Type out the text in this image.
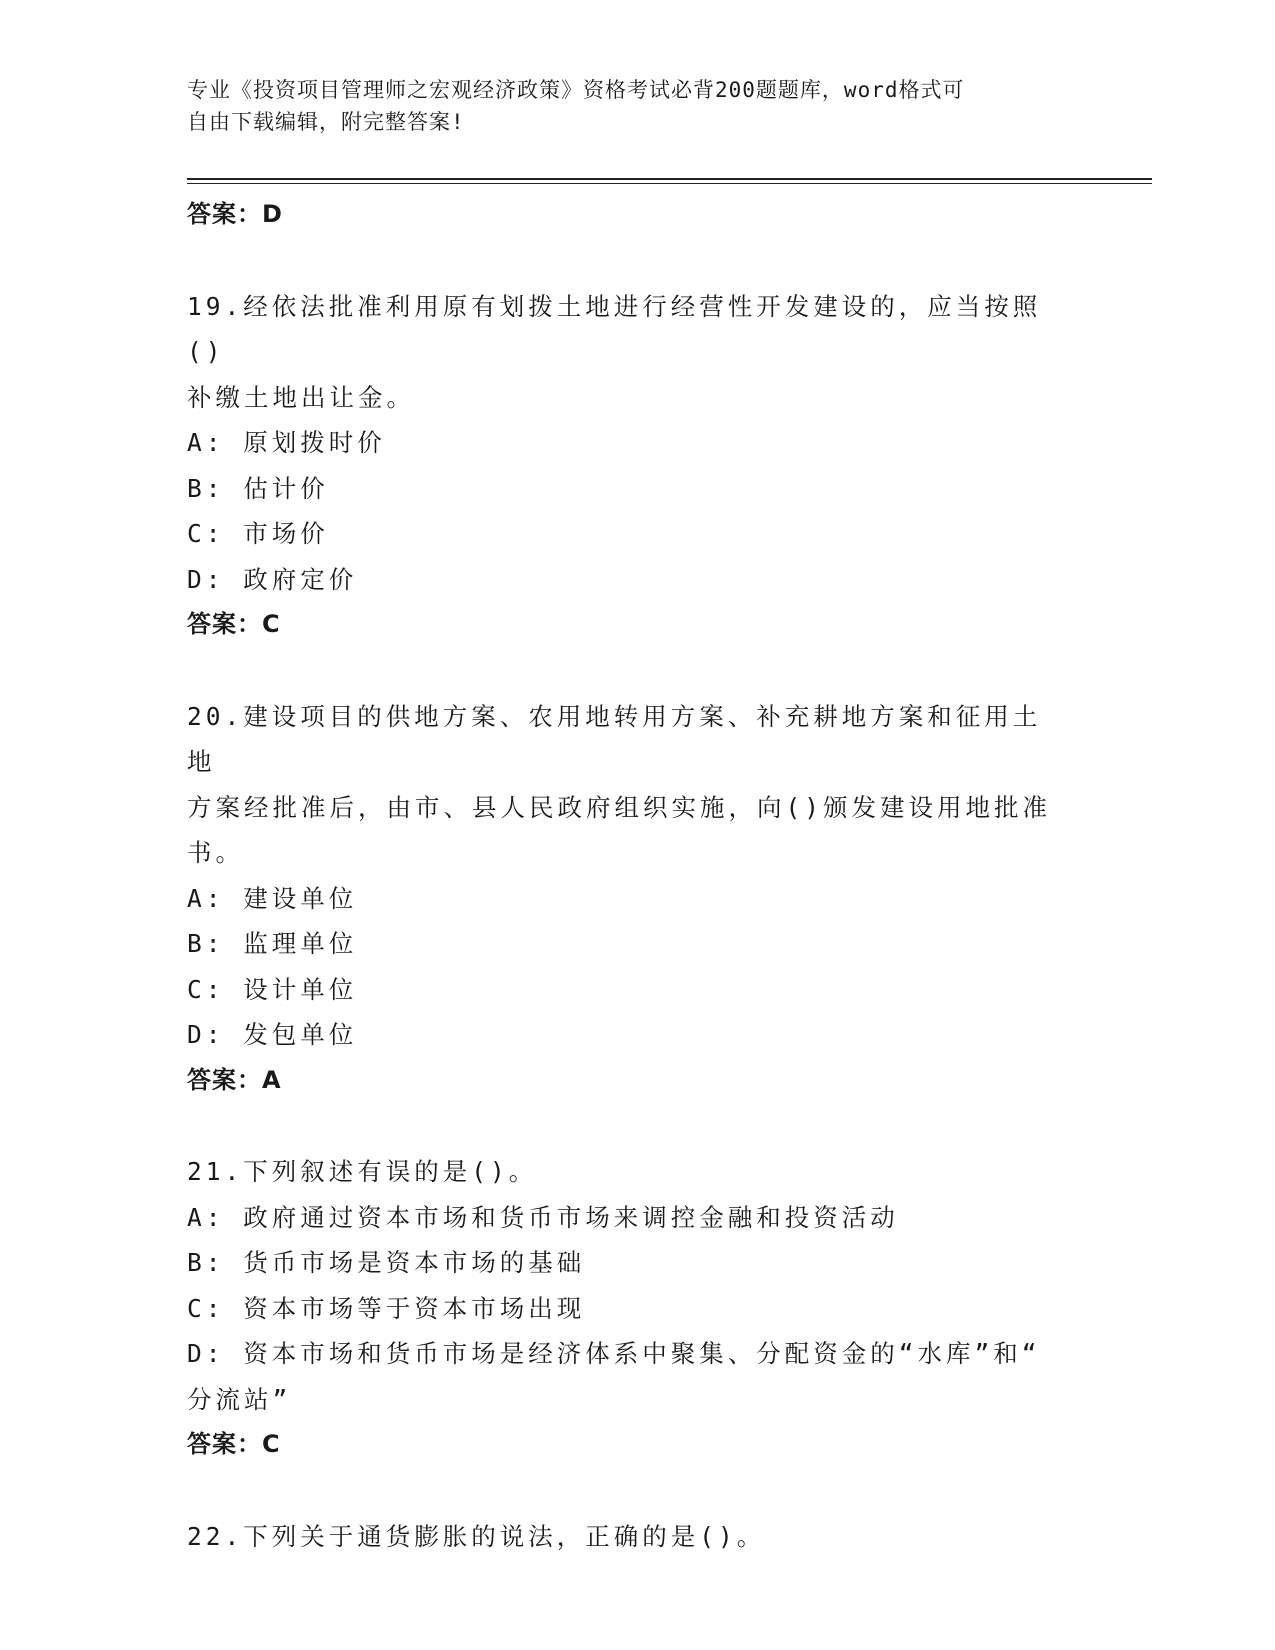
专业《投资项目管理师之宏观经济政策》资格考试必背200题题库，word格式可
自由下载编辑，附完整答案!
答案：D
19.经依法批准利用原有划拨土地进行经营性开发建设的，应当按照()
补缴土地出让金。
A: 原划拨时价
B: 估计价
C: 市场价
D: 政府定价
答案：C
20.建设项目的供地方案、农用地转用方案、补充耕地方案和征用土地
方案经批准后，由市、县人民政府组织实施，向()颁发建设用地批准
书。
A: 建设单位
B: 监理单位
C: 设计单位
D: 发包单位
答案：A
21.下列叙述有误的是()。
A: 政府通过资本市场和货币市场来调控金融和投资活动
B: 货币市场是资本市场的基础
C: 资本市场等于资本市场出现
D: 资本市场和货币市场是经济体系中聚集、分配资金的“水库”和“
分流站”
答案：C
22.下列关于通货膨胀的说法，正确的是()。
